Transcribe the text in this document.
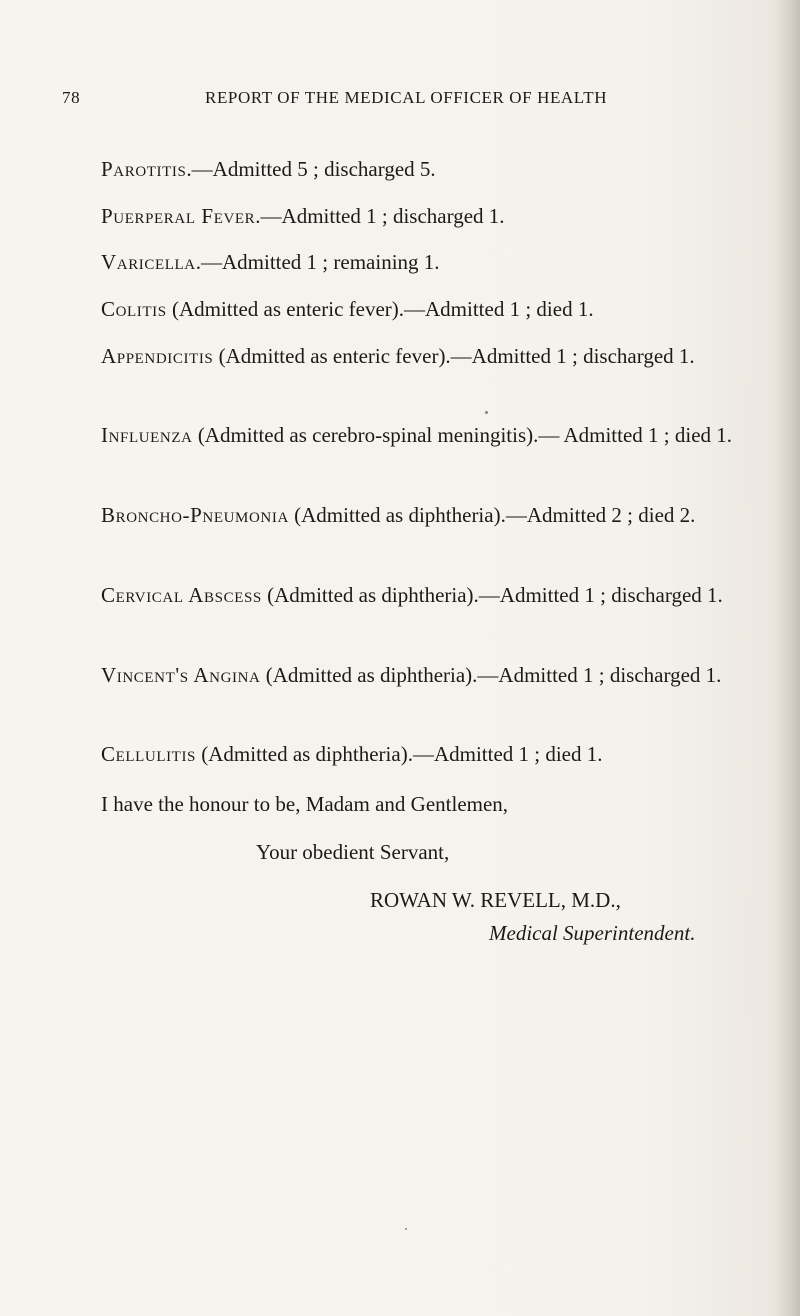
78	REPORT OF THE MEDICAL OFFICER OF HEALTH

Parotitis.—Admitted 5 ; discharged 5.

Puerperal Fever.—Admitted 1 ; discharged 1.

Varicella.—Admitted 1 ; remaining 1.

Colitis (Admitted as enteric fever).—Admitted 1 ; died 1.

Appendicitis (Admitted as enteric fever).—Admitted 1 ; discharged 1.

Influenza (Admitted as cerebro-spinal meningitis).— Admitted 1 ; died 1.

Broncho-Pneumonia (Admitted as diphtheria).—Admitted 2 ; died 2.

Cervical Abscess (Admitted as diphtheria).—Admitted 1 ; discharged 1.

Vincent's Angina (Admitted as diphtheria).—Admitted 1 ; discharged 1.

Cellulitis (Admitted as diphtheria).—Admitted 1 ; died 1.

I have the honour to be, Madam and Gentlemen,
Your obedient Servant,
ROWAN W. REVELL, M.D.,
Medical Superintendent.
